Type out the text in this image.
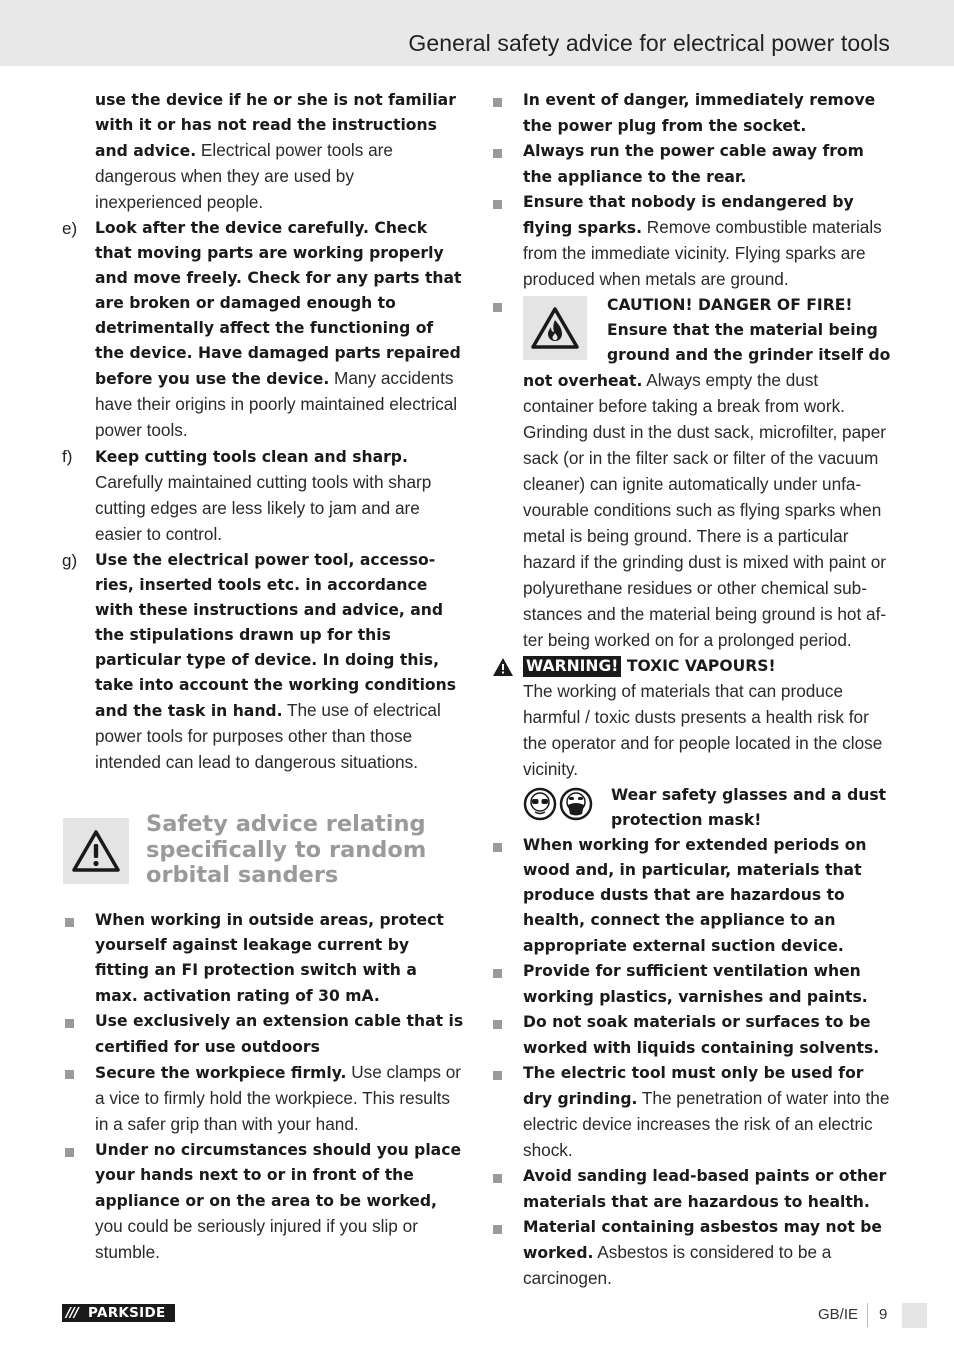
General safety advice for electrical power tools
use the device if he or she is not familiar with it or has not read the instructions and advice. Electrical power tools are dangerous when they are used by inexperienced people.
e)	Look after the device carefully. Check that moving parts are working properly and move freely. Check for any parts that are broken or damaged enough to detrimentally affect the functioning of the device. Have damaged parts repaired before you use the device. Many accidents have their origins in poorly maintained electrical power tools.
f)	Keep cutting tools clean and sharp. Carefully maintained cutting tools with sharp cutting edges are less likely to jam and are easier to control.
g)	Use the electrical power tool, accessories, inserted tools etc. in accordance with these instructions and advice, and the stipulations drawn up for this particular type of device. In doing this, take into account the working conditions and the task in hand. The use of electrical power tools for purposes other than those intended can lead to dangerous situations.
Safety advice relating specifically to random orbital sanders
When working in outside areas, protect yourself against leakage current by fitting an FI protection switch with a max. activation rating of 30 mA.
Use exclusively an extension cable that is certified for use outdoors
Secure the workpiece firmly. Use clamps or a vice to firmly hold the workpiece. This results in a safer grip than with your hand.
Under no circumstances should you place your hands next to or in front of the appliance or on the area to be worked, you could be seriously injured if you slip or stumble.
In event of danger, immediately remove the power plug from the socket.
Always run the power cable away from the appliance to the rear.
Ensure that nobody is endangered by flying sparks. Remove combustible materials from the immediate vicinity. Flying sparks are produced when metals are ground.
CAUTION! DANGER OF FIRE! Ensure that the material being ground and the grinder itself do not overheat. Always empty the dust container before taking a break from work. Grinding dust in the dust sack, microfilter, paper sack (or in the filter sack or filter of the vacuum cleaner) can ignite automatically under unfavourable conditions such as flying sparks when metal is being ground. There is a particular hazard if the grinding dust is mixed with paint or polyurethane residues or other chemical substances and the material being ground is hot after being worked on for a prolonged period.
WARNING! TOXIC VAPOURS!
The working of materials that can produce harmful / toxic dusts presents a health risk for the operator and for people located in the close vicinity.
Wear safety glasses and a dust protection mask!
When working for extended periods on wood and, in particular, materials that produce dusts that are hazardous to health, connect the appliance to an appropriate external suction device.
Provide for sufficient ventilation when working plastics, varnishes and paints.
Do not soak materials or surfaces to be worked with liquids containing solvents.
The electric tool must only be used for dry grinding. The penetration of water into the electric device increases the risk of an electric shock.
Avoid sanding lead-based paints or other materials that are hazardous to health.
Material containing asbestos may not be worked. Asbestos is considered to be a carcinogen.
/// PARKSIDE	GB/IE 9
